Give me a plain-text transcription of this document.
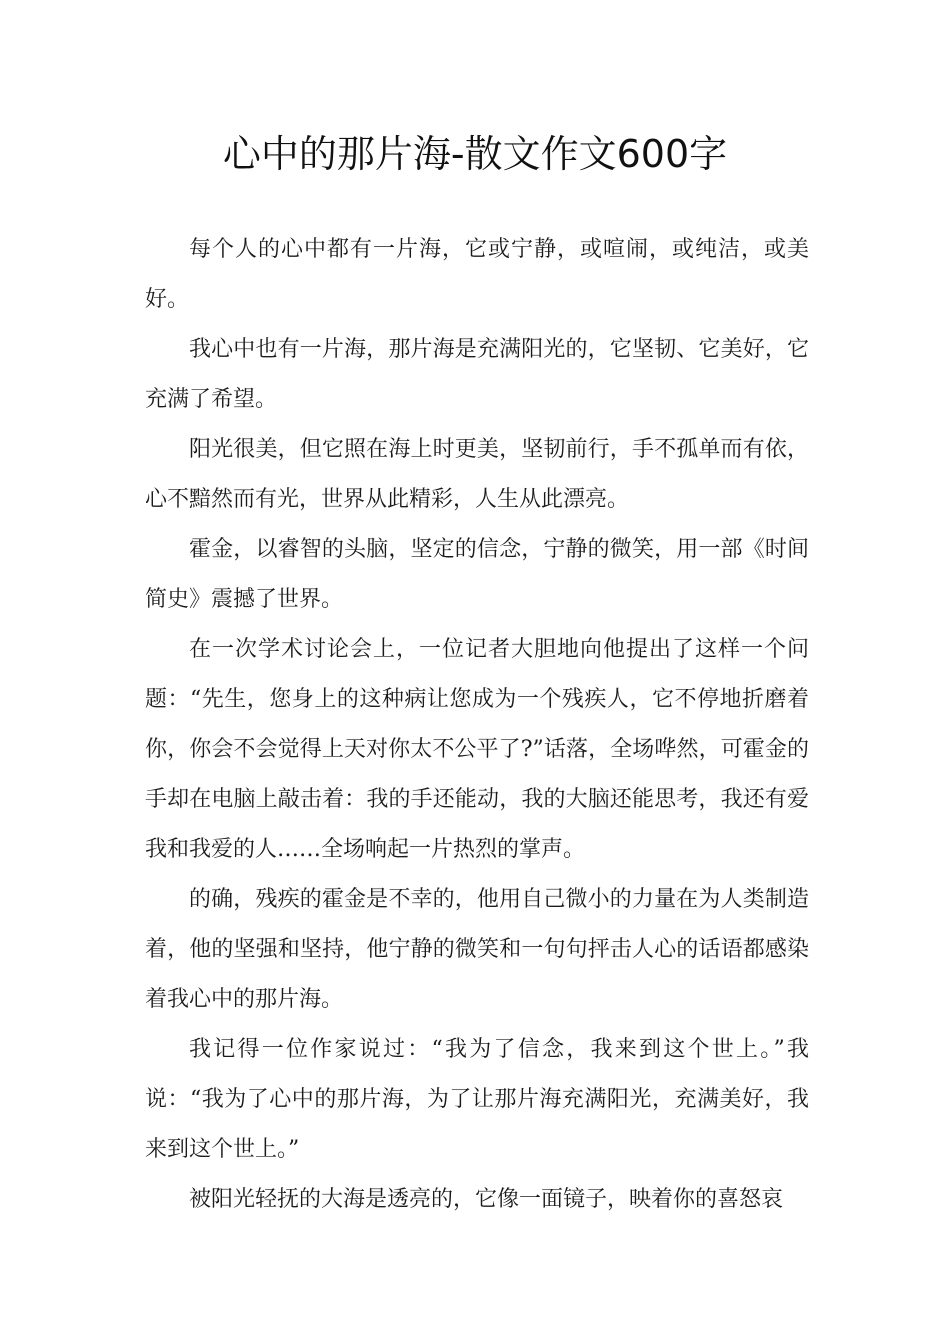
心中的那片海-散文作文600字

每个人的心中都有一片海，它或宁静，或喧闹，或纯洁，或美好。

我心中也有一片海，那片海是充满阳光的，它坚韧、它美好，它充满了希望。

阳光很美，但它照在海上时更美，坚韧前行，手不孤单而有依，心不黯然而有光，世界从此精彩，人生从此漂亮。

霍金，以睿智的头脑，坚定的信念，宁静的微笑，用一部《时间简史》震撼了世界。

在一次学术讨论会上，一位记者大胆地向他提出了这样一个问题：“先生，您身上的这种病让您成为一个残疾人，它不停地折磨着你，你会不会觉得上天对你太不公平了?”话落，全场哗然，可霍金的手却在电脑上敲击着：我的手还能动，我的大脑还能思考，我还有爱我和我爱的人……全场响起一片热烈的掌声。

的确，残疾的霍金是不幸的，他用自己微小的力量在为人类制造着，他的坚强和坚持，他宁静的微笑和一句句抨击人心的话语都感染着我心中的那片海。

我记得一位作家说过：“我为了信念，我来到这个世上。”我说：“我为了心中的那片海，为了让那片海充满阳光，充满美好，我来到这个世上。”

被阳光轻抚的大海是透亮的，它像一面镜子，映着你的喜怒哀
